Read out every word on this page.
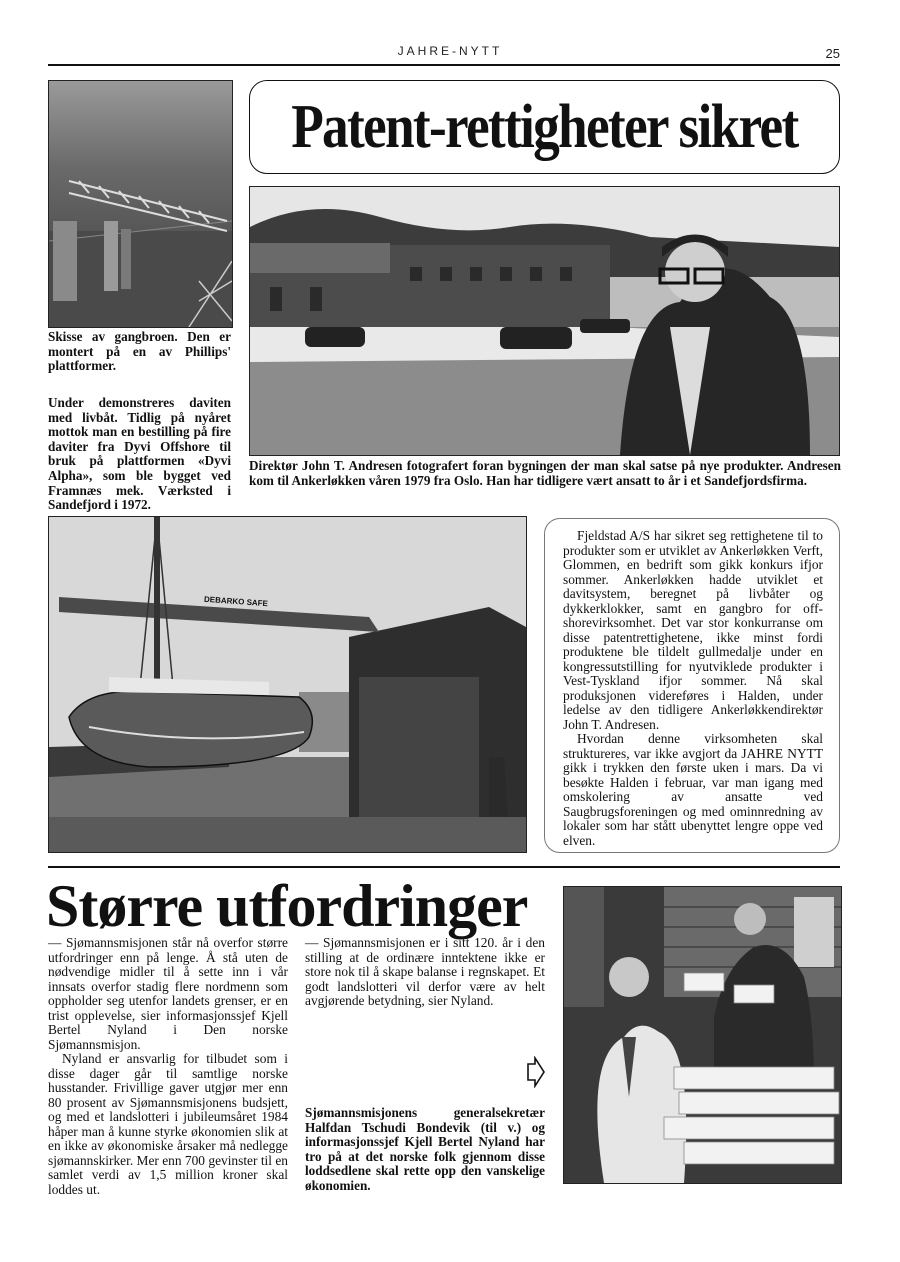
JAHRE-NYTT	25
Patent-rettigheter sikret
Skisse av gangbroen. Den er montert på en av Phillips' plattformer.
Under demonstreres daviten med livbåt. Tidlig på nyåret mottok man en bestilling på fire daviter fra Dyvi Offshore til bruk på plattformen «Dyvi Alpha», som ble bygget ved Framnæs mek. Værksted i Sandefjord i 1972.
Direktør John T. Andresen fotografert foran bygningen der man skal satse på nye produkter. Andresen kom til Ankerløkken våren 1979 fra Oslo. Han har tidligere vært ansatt to år i et Sandefjordsfirma.
DEBARKO SAFE

Fjeldstad A/S har sikret seg rettighetene til to produkter som er utviklet av Ankerløkken Verft, Glommen, en bedrift som gikk konkurs ifjor sommer. Ankerløkken hadde utviklet et davitsystem, beregnet på livbåter og dykkerklokker, samt en gangbro for off-shorevirksomhet. Det var stor konkurranse om disse patentrettighetene, ikke minst fordi produktene ble tildelt gullmedalje under en kongressutstilling for nyutviklede produkter i Vest-Tyskland ifjor sommer. Nå skal produksjonen videreføres i Halden, under ledelse av den tidligere Ankerløkkendirektør John T. Andresen.

Hvordan denne virksomheten skal struktureres, var ikke avgjort da JAHRE NYTT gikk i trykken den første uken i mars. Da vi besøkte Halden i februar, var man igang med omskolering av ansatte ved Saugbrugsforeningen og med ominnredning av lokaler som har stått ubenyttet lengre oppe ved elven.

Større utfordringer

— Sjømannsmisjonen står nå overfor større utfordringer enn på lenge. Å stå uten de nødvendige midler til å sette inn i vår innsats overfor stadig flere nordmenn som oppholder seg utenfor landets grenser, er en trist opplevelse, sier informasjonssjef Kjell Bertel Nyland i Den norske Sjømannsmisjon.

Nyland er ansvarlig for tilbudet som i disse dager går til samtlige norske husstander. Frivillige gaver utgjør mer enn 80 prosent av Sjømannsmisjonens budsjett, og med et landslotteri i jubileumsåret 1984 håper man å kunne styrke økonomien slik at en ikke av økonomiske årsaker må nedlegge sjømannskirker. Mer enn 700 gevinster til en samlet verdi av 1,5 million kroner skal loddes ut.

— Sjømannsmisjonen er i sitt 120. år i den stilling at de ordinære inntektene ikke er store nok til å skape balanse i regnskapet. Et godt landslotteri vil derfor være av helt avgjørende betydning, sier Nyland.

Sjømannsmisjonens generalsekretær Halfdan Tschudi Bondevik (til v.) og informasjonssjef Kjell Bertel Nyland har tro på at det norske folk gjennom disse loddsedlene skal rette opp den vanskelige økonomien.
